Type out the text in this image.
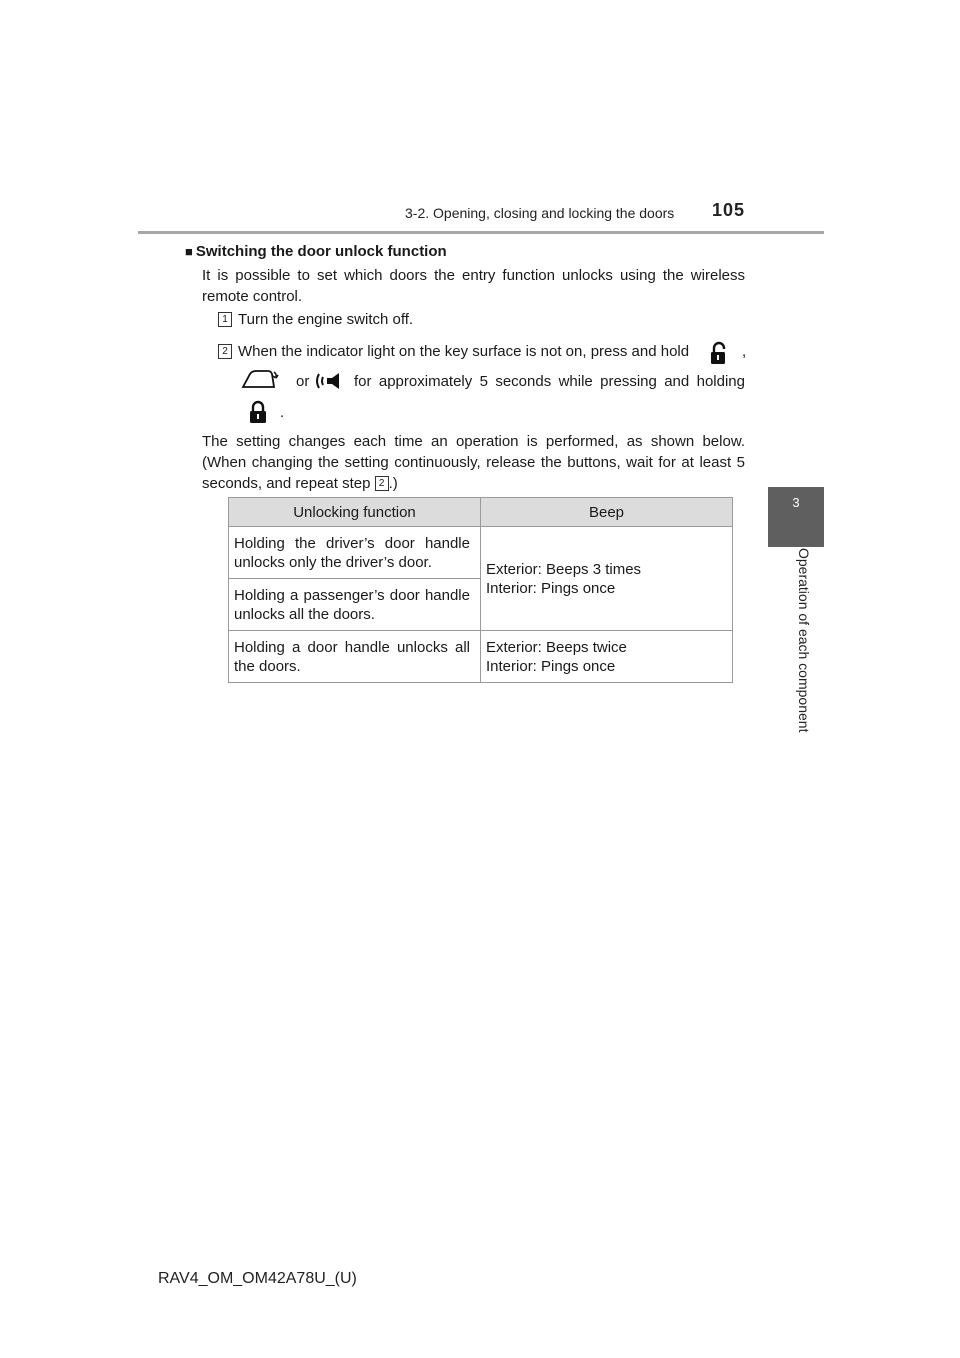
3-2. Opening, closing and locking the doors 105
3
Operation of each component
■ Switching the door unlock function
It is possible to set which doors the entry function unlocks using the wireless remote control.
1 Turn the engine switch off.
2 When the indicator light on the key surface is not on, press and hold	,
or	for approximately 5 seconds while pressing and holding
.
The setting changes each time an operation is performed, as shown below. (When changing the setting continuously, release the buttons, wait for at least 5 seconds, and repeat step 2 .)
Unlocking function	Beep
Holding the driver’s door handle unlocks only the driver’s door.	Exterior: Beeps 3 times
Interior: Pings once

Holding a passenger’s door handle unlocks all the doors.	
Holding a door handle unlocks all the doors.	Exterior: Beeps twice
Interior: Pings once
RAV4_OM_OM42A78U_(U)
